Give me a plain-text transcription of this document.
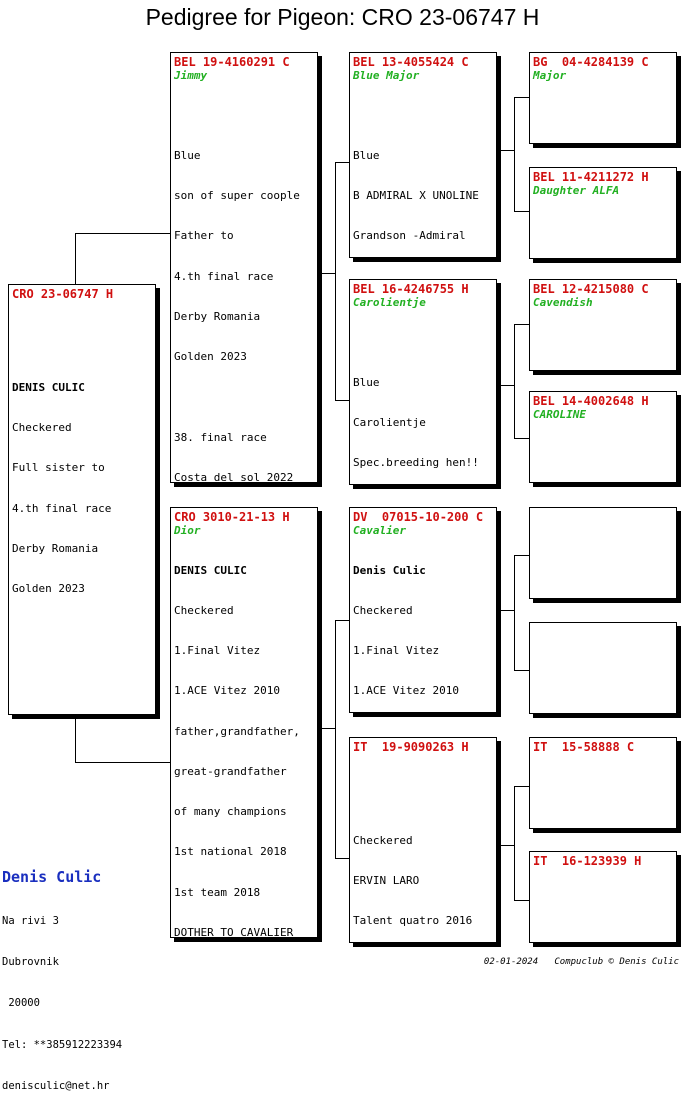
Pedigree for Pigeon: CRO 23-06747 H
CRO 23-06747 H

DENIS CULIC

Checkered

Full sister to

4.th final race

Derby Romania

Golden 2023

BEL 19-4160291 C
Jimmy

Blue

son of super coople

Father to

4.th final race

Derby Romania

Golden 2023

38. final race

Costa del sol 2022

CRO 3010-21-13 H
Dior

DENIS CULIC

Checkered

1.Final Vitez

1.ACE Vitez 2010

father,grandfather,

great-grandfather

of many champions

1st national 2018

1st team 2018

DOTHER TO CAVALIER

BEL 13-4055424 C
Blue Major

Blue

B ADMIRAL X UNOLINE

Grandson -Admiral

BEL 16-4246755 H
Carolientje

Blue

Carolientje

Spec.breeding hen!!

DV  07015-10-200 C
Cavalier

Denis Culic

Checkered

1.Final Vitez

1.ACE Vitez 2010

IT  19-9090263 H

Checkered

ERVIN LARO

Talent quatro 2016

BG  04-4284139 C
Major

BEL 11-4211272 H
Daughter ALFA

BEL 12-4215080 C
Cavendish

BEL 14-4002648 H
CAROLINE

IT  15-58888 C

IT  16-123939 H

Denis Culic

Na rivi 3

Dubrovnik

20000

Tel: **385912223394

denisculic@net.hr

02-01-2024 Compuclub © Denis Culic
